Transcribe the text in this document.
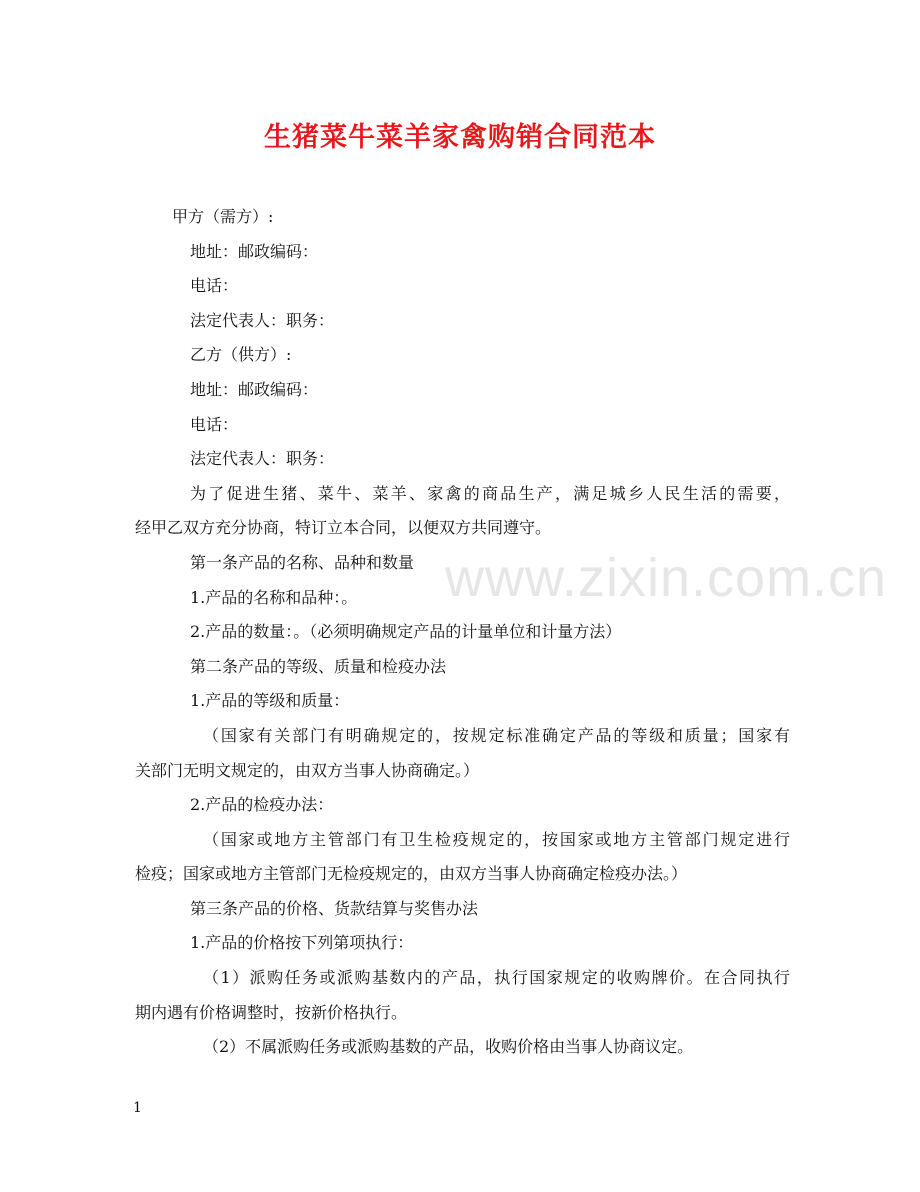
www.zixin.com.cn
生猪菜牛菜羊家禽购销合同范本
甲方（需方）:
地址：邮政编码：
电话：
法定代表人：职务：
乙方（供方）:
地址：邮政编码：
电话：
法定代表人：职务：
为了促进生猪、菜牛、菜羊、家禽的商品生产，满足城乡人民生活的需要，
经甲乙双方充分协商，特订立本合同，以便双方共同遵守。
第一条产品的名称、品种和数量
1.产品的名称和品种：。
2.产品的数量：。（必须明确规定产品的计量单位和计量方法）
第二条产品的等级、质量和检疫办法
1.产品的等级和质量：
（国家有关部门有明确规定的，按规定标准确定产品的等级和质量；国家有
关部门无明文规定的，由双方当事人协商确定。）
2.产品的检疫办法：
（国家或地方主管部门有卫生检疫规定的，按国家或地方主管部门规定进行
检疫；国家或地方主管部门无检疫规定的，由双方当事人协商确定检疫办法。）
第三条产品的价格、货款结算与奖售办法
1.产品的价格按下列第项执行：
（1）派购任务或派购基数内的产品，执行国家规定的收购牌价。在合同执行
期内遇有价格调整时，按新价格执行。
（2）不属派购任务或派购基数的产品，收购价格由当事人协商议定。
1
